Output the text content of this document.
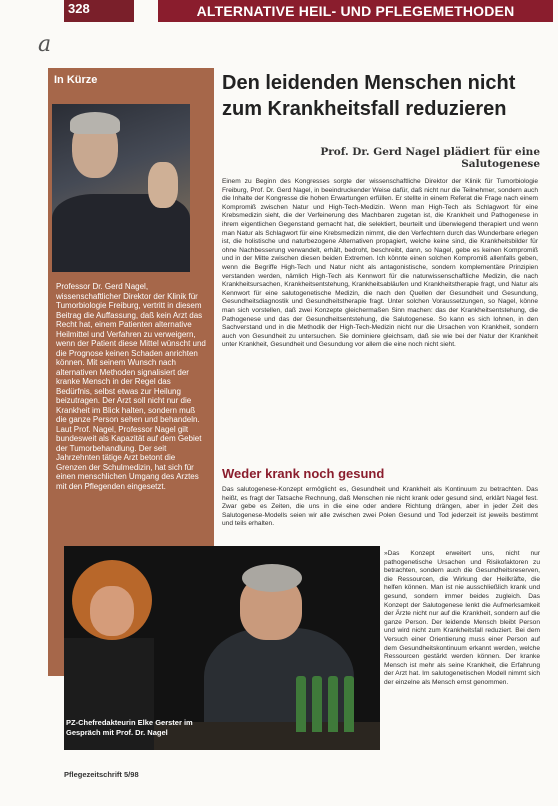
328	ALTERNATIVE HEIL- UND PFLEGEMETHODEN
a
In Kürze
Professor Dr. Gerd Nagel, wissenschaftlicher Direktor der Klinik für Tumorbiologie Freiburg, vertritt in diesem Beitrag die Auffassung, daß kein Arzt das Recht hat, einem Patienten alternative Heilmittel und Verfahren zu verweigern, wenn der Patient diese Mittel wünscht und die Prognose keinen Schaden anrichten können. Mit seinem Wunsch nach alternativen Methoden signalisiert der kranke Mensch in der Regel das Bedürfnis, selbst etwas zur Heilung beizutragen. Der Arzt soll nicht nur die Krankheit im Blick halten, sondern muß die ganze Person sehen und behandeln. Laut Prof. Nagel, Professor Nagel gilt bundesweit als Kapazität auf dem Gebiet der Tumorbehandlung. Der seit Jahrzehnten tätige Arzt betont die Grenzen der Schulmedizin, hat sich für einen menschlichen Umgang des Arztes mit den Pflegenden eingesetzt.
Den leidenden Menschen nicht zum Krankheitsfall reduzieren
Prof. Dr. Gerd Nagel plädiert für eine Salutogenese
Einem zu Beginn des Kongresses sorgte der wissenschaftliche Direktor der Klinik für Tumorbiologie Freiburg, Prof. Dr. Gerd Nagel, in beeindruckender Weise dafür, daß nicht nur die Teilnehmer, sondern auch die Inhalte der Kongresse die hohen Erwartungen erfüllen. Er stellte in einem Referat die Frage nach einem Kompromiß zwischen Natur und High-Tech-Medizin. Wenn man High-Tech als Schlagwort für eine Krebsmedizin sieht, die der Verfeinerung des Machbaren zugetan ist, die Krankheit und Pathogenese in ihrem eigentlichen Gegenstand gemacht hat, die selektiert, beurteilt und überwiegend therapiert und wenn man Natur als Schlagwort für eine Krebsmedizin nimmt, die den Verfechtern durch das Wunderbare erlegen ist, die holistische und naturbezogene Alternativen propagiert, welche keine sind, die Krankheitsbilder für ohne Nachbesserung verwandelt, erhält, bedroht, beschreibt, dann, so Nagel, gebe es keinen Kompromiß und in der Mitte zwischen diesen beiden Extremen. Ich könnte einen solchen Kompromiß allenfalls geben, wenn die Begriffe High-Tech und Natur nicht als antagonistische, sondern komplementäre Prinzipien verstanden werden, nämlich High-Tech als Kennwort für die naturwissenschaftliche Medizin, die nach Krankheitsursachen, Krankheitsentstehung, Krankheitsabläufen und Krankheitstherapie fragt, und Natur als Kennwort für eine salutogenetische Medizin, die nach den Quellen der Gesundheit und Gesundung, Gesundheitsdiagnostik und Gesundheitstherapie fragt. Unter solchen Voraussetzungen, so Nagel, könne man sich vorstellen, daß zwei Konzepte gleichermaßen Sinn machen: das der Krankheitsentstehung, die Pathogenese und das der Gesundheitsentstehung, die Salutogenese. So kann es sich lohnen, in den Sachverstand und in die Methodik der High-Tech-Medizin nicht nur die Ursachen von Krankheit, sondern auch von Gesundheit zu untersuchen. Sie dominiere gleichsam, daß sie wie bei der Natur der Krankheit unter Krankheit, Gesundheit und Gesundung vor allem die eine noch nicht sieht.
Weder krank noch gesund
Das salutogenese-Konzept ermöglicht es, Gesundheit und Krankheit als Kontinuum zu betrachten. Das heißt, es fragt der Tatsache Rechnung, daß Menschen nie nicht krank oder gesund sind, erklärt Nagel fest. Zwar gebe es Zeiten, die uns in die eine oder andere Richtung drängen, aber in jeder Zeit des Salutogenese-Modells seien wir alle zwischen zwei Polen Gesund und Tod jederzeit ist jeweils bestimmt und teils erhalten.
»Das Konzept erweitert uns, nicht nur pathogenetische Ursachen und Risikofaktoren zu betrachten, sondern auch die Gesundheitsreserven, die Ressourcen, die Wirkung der Heilkräfte, die helfen können. Man ist nie ausschließlich krank und gesund, sondern immer beides zugleich. Das Konzept der Salutogenese lenkt die Aufmerksamkeit der Ärzte nicht nur auf die Krankheit, sondern auf die ganze Person. Der leidende Mensch bleibt Person und wird nicht zum Krankheitsfall reduziert. Bei dem Versuch einer Orientierung muss einer Person auf dem Gesundheitskontinuum erkannt werden, welche Ressourcen gestärkt werden können. Der kranke Mensch ist mehr als seine Krankheit, die Erfahrung der Arzt hat. Im salutogenetischen Modell nimmt sich der einzelne als Mensch ernst genommen.
PZ-Chefredakteurin Elke Gerster im Gespräch mit Prof. Dr. Nagel
Pflegezeitschrift 5/98
